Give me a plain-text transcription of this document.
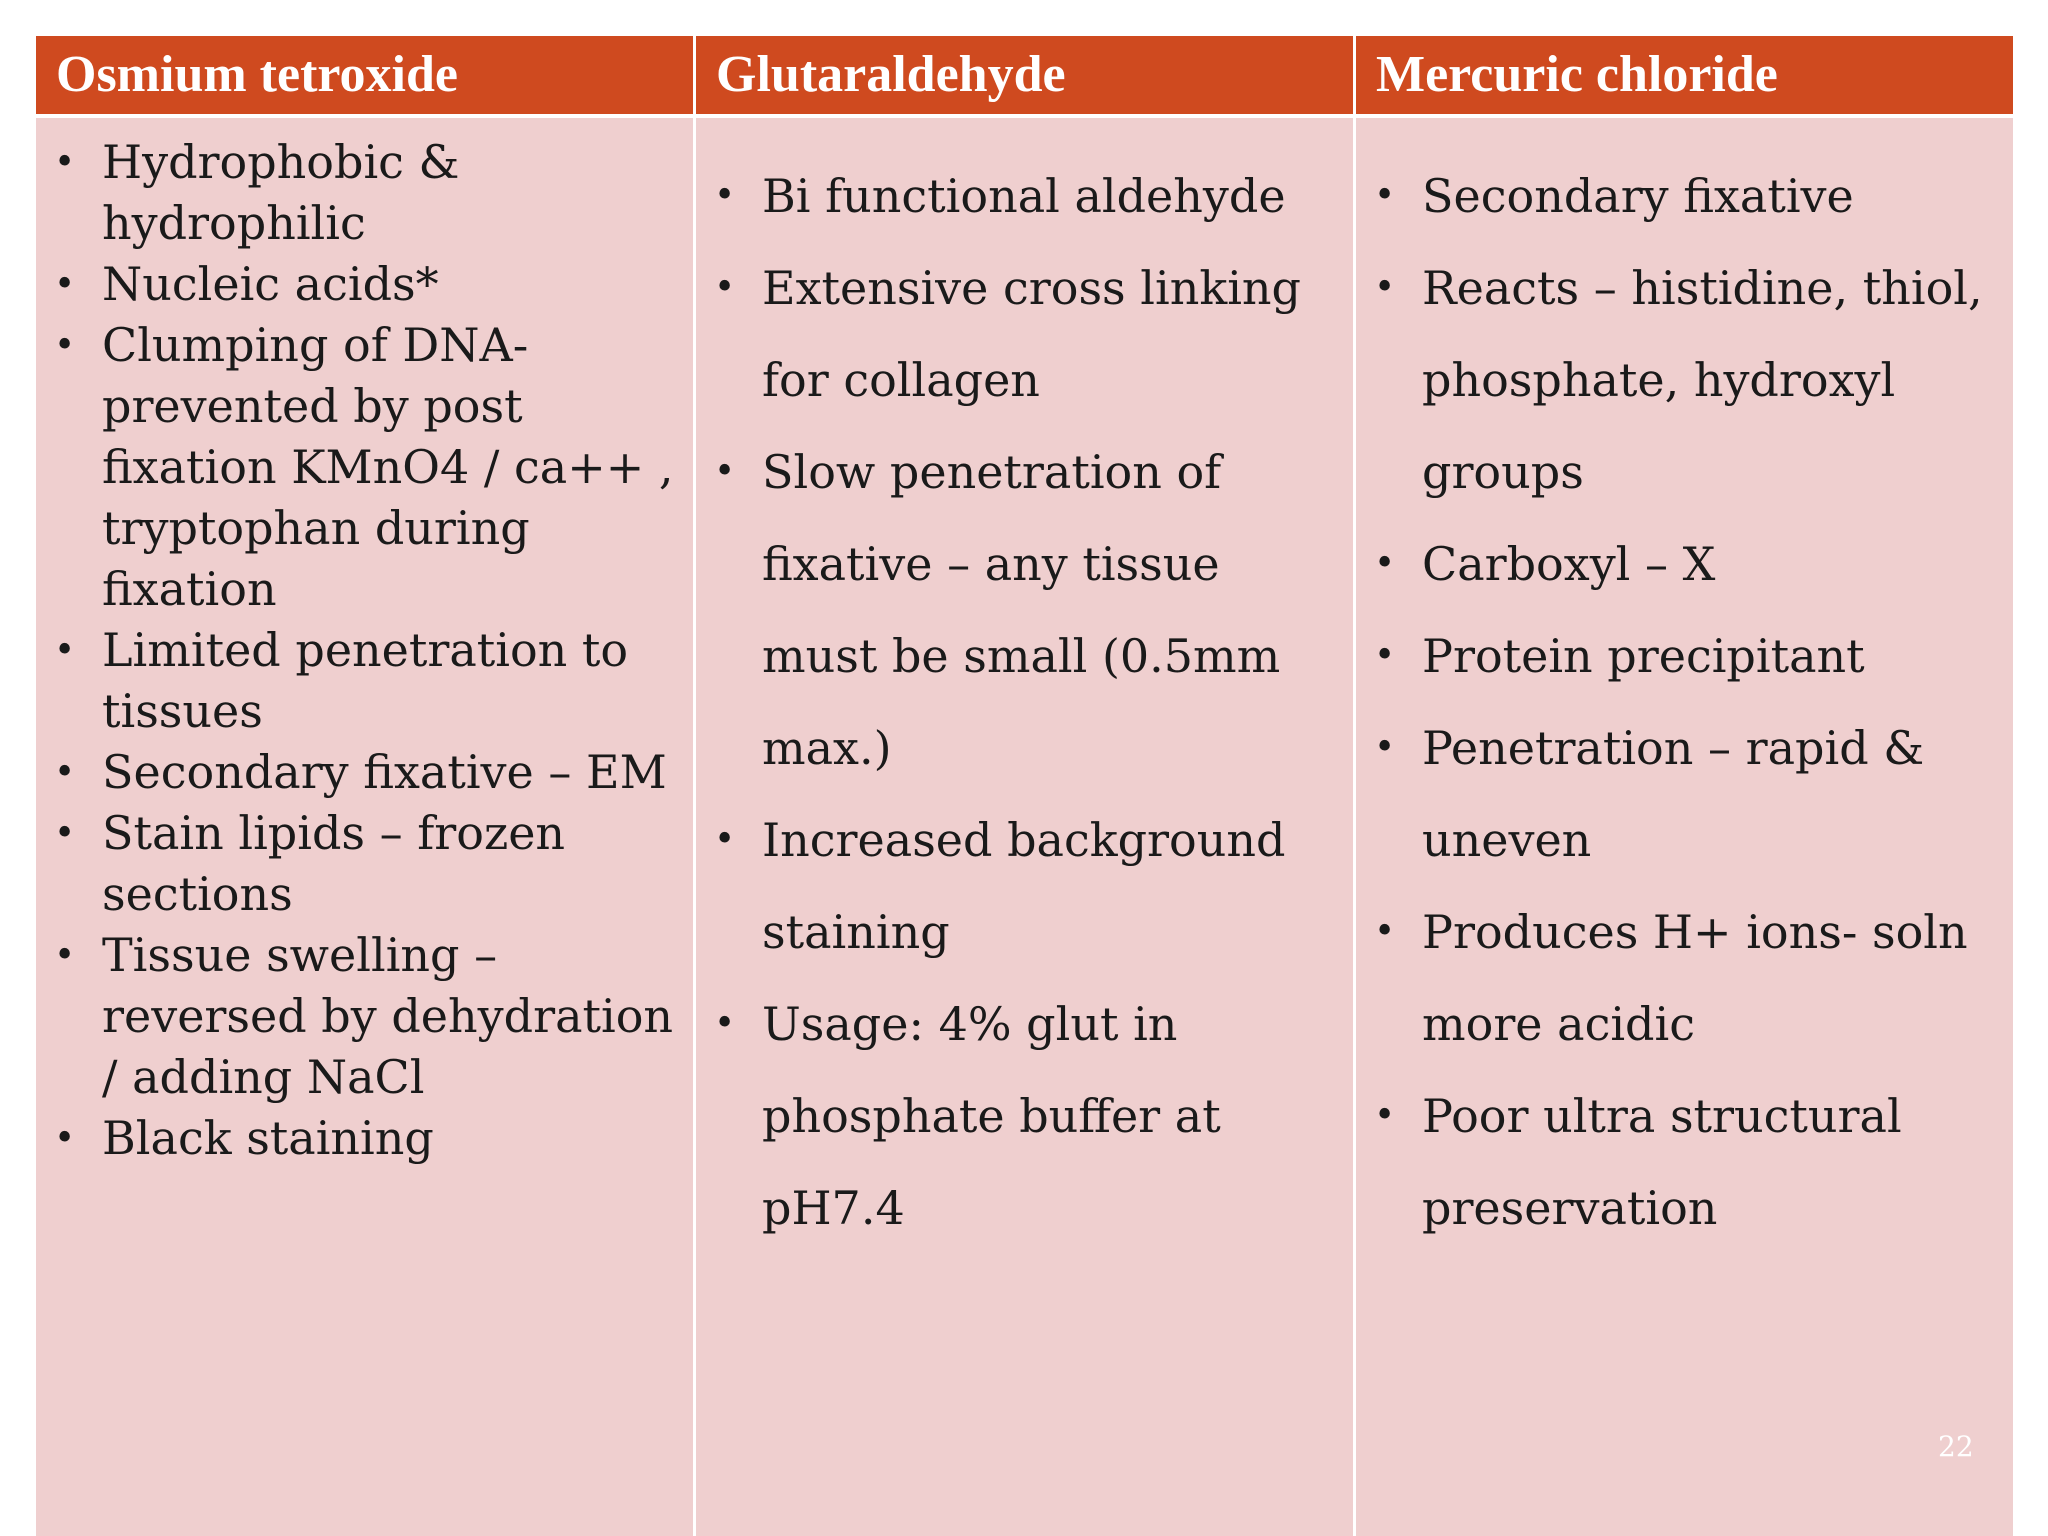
Osmium tetroxide	Glutaraldehyde	Mercuric chloride
• Hydrophobic & hydrophilic
• Nucleic acids*
• Clumping of DNA- prevented by post fixation KMnO4 / ca++ , tryptophan during fixation
• Limited penetration to tissues
• Secondary fixative – EM
• Stain lipids – frozen sections
• Tissue swelling – reversed by dehydration / adding NaCl
• Black staining
• Bi functional aldehyde
• Extensive cross linking for collagen
• Slow penetration of fixative – any tissue must be small (0.5mm max.)
• Increased background staining
• Usage: 4% glut in phosphate buffer at pH7.4
• Secondary fixative
• Reacts – histidine, thiol, phosphate, hydroxyl groups
• Carboxyl – X
• Protein precipitant
• Penetration – rapid & uneven
• Produces H+ ions- soln more acidic
• Poor ultra structural preservation
22
